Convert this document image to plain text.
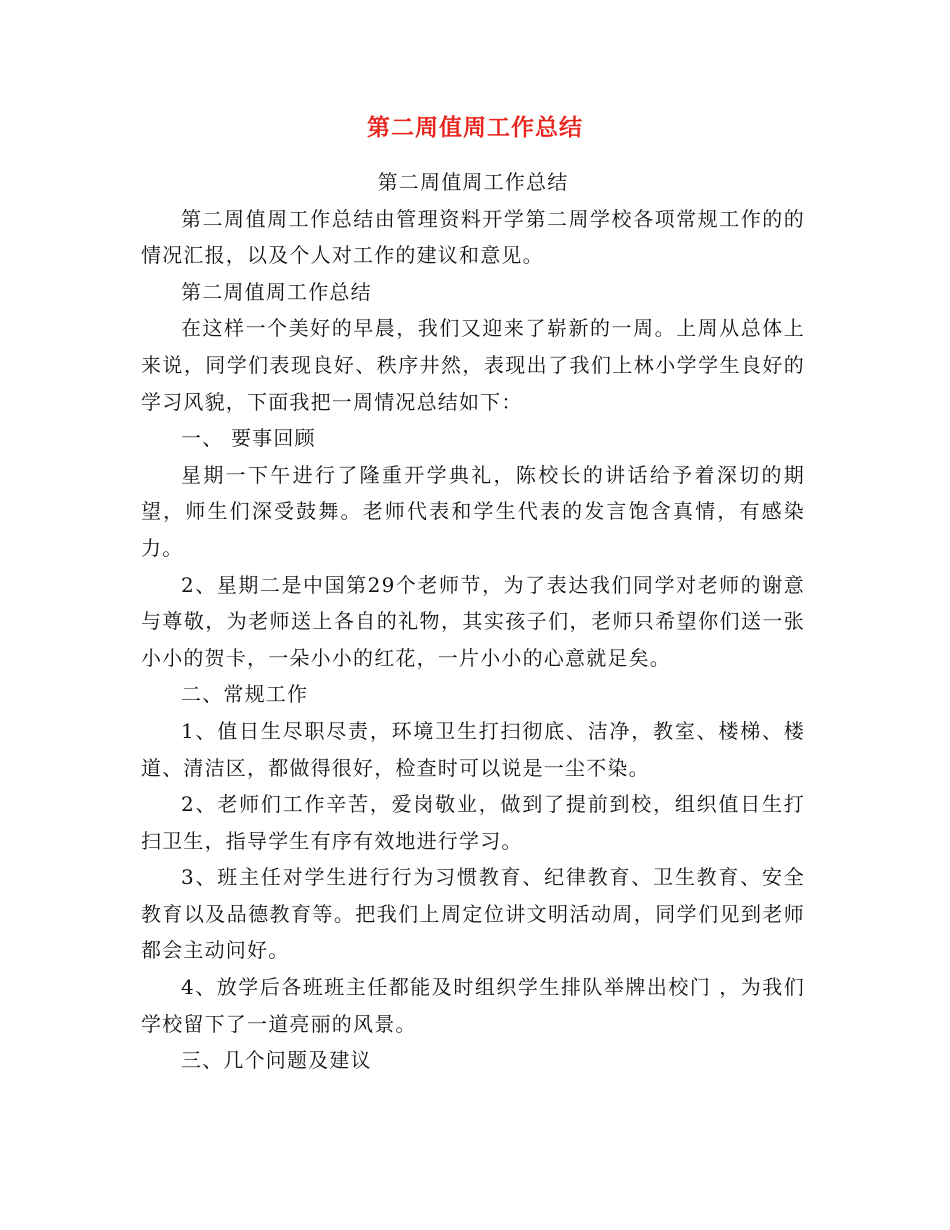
第二周值周工作总结

第二周值周工作总结

第二周值周工作总结由管理资料开学第二周学校各项常规工作的的情况汇报，以及个人对工作的建议和意见。

第二周值周工作总结

在这样一个美好的早晨，我们又迎来了崭新的一周。上周从总体上来说，同学们表现良好、秩序井然，表现出了我们上林小学学生良好的学习风貌，下面我把一周情况总结如下：

一、 要事回顾

星期一下午进行了隆重开学典礼，陈校长的讲话给予着深切的期望，师生们深受鼓舞。老师代表和学生代表的发言饱含真情，有感染力。

2、星期二是中国第29个老师节，为了表达我们同学对老师的谢意与尊敬，为老师送上各自的礼物，其实孩子们，老师只希望你们送一张小小的贺卡，一朵小小的红花，一片小小的心意就足矣。

二、常规工作

1、值日生尽职尽责，环境卫生打扫彻底、洁净，教室、楼梯、楼道、清洁区，都做得很好，检查时可以说是一尘不染。

2、老师们工作辛苦，爱岗敬业，做到了提前到校，组织值日生打扫卫生，指导学生有序有效地进行学习。

3、班主任对学生进行行为习惯教育、纪律教育、卫生教育、安全教育以及品德教育等。把我们上周定位讲文明活动周，同学们见到老师都会主动问好。

4、放学后各班班主任都能及时组织学生排队举牌出校门 ，为我们学校留下了一道亮丽的风景。

三、几个问题及建议
